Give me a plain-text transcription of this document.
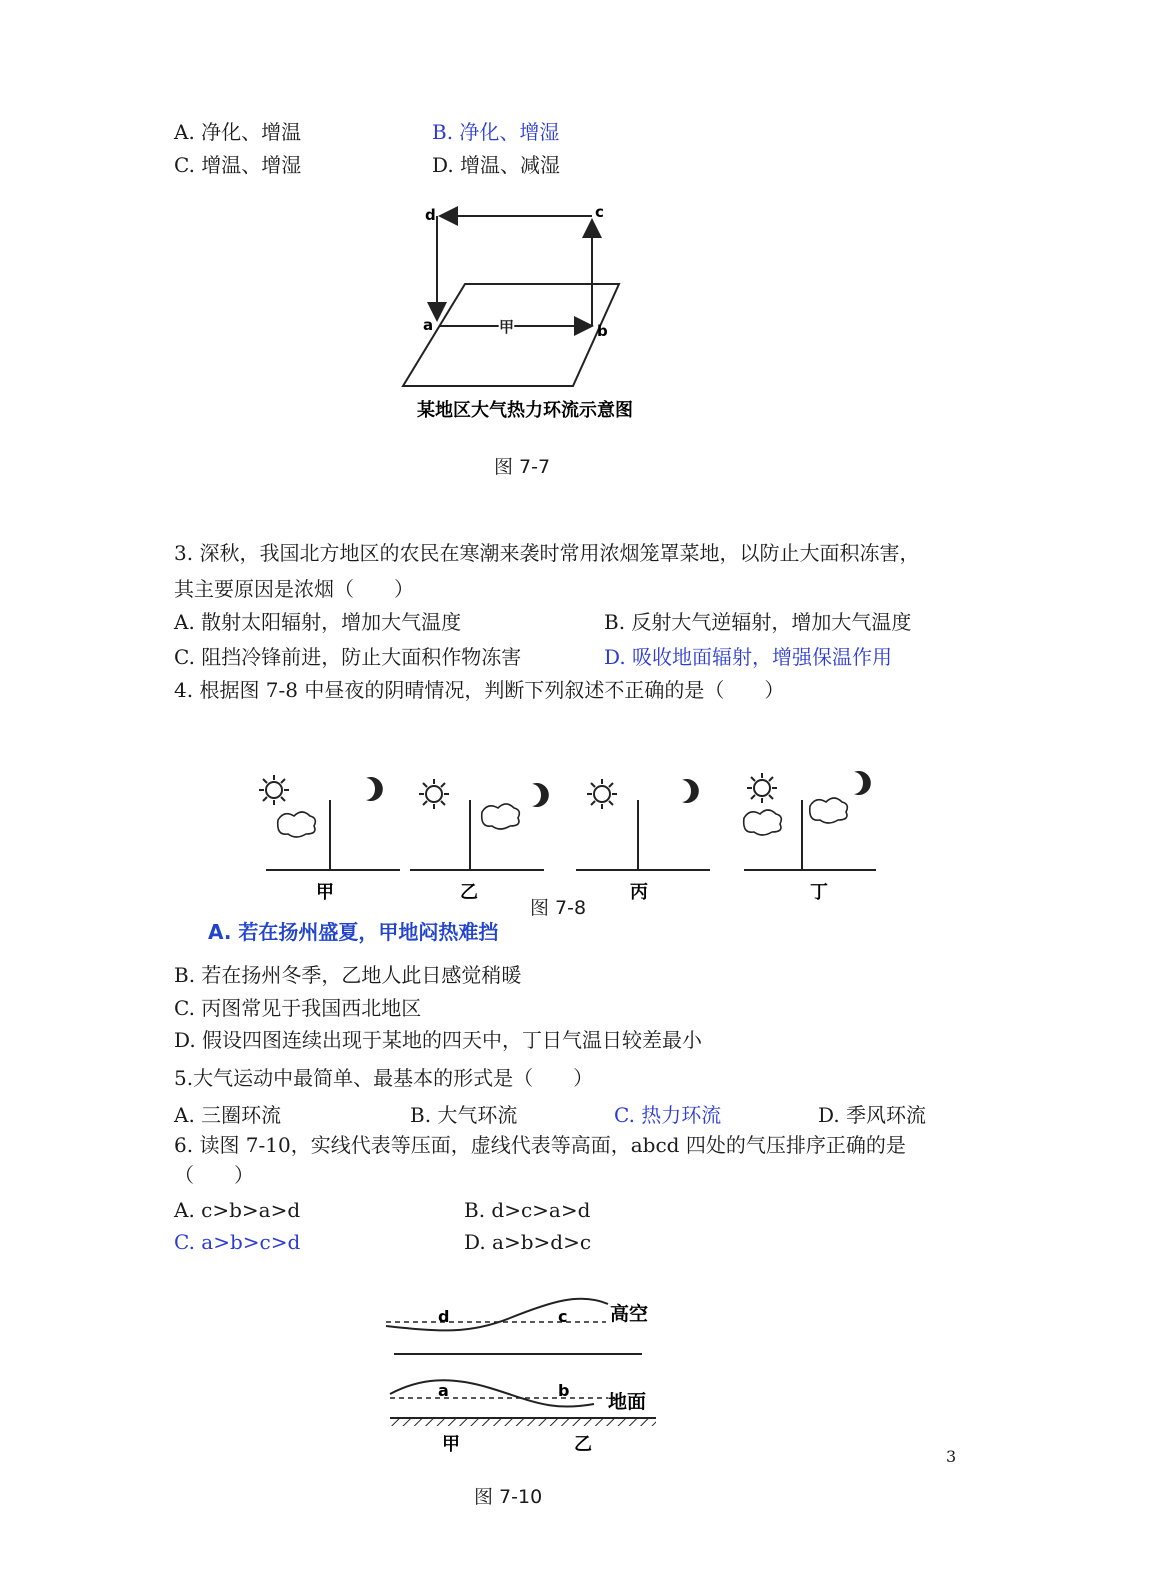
A. 净化、增温	B. 净化、增湿
C. 增温、增湿	D. 增温、减湿
d	c
a	b
甲
某地区大气热力环流示意图
图 7-7
3. 深秋，我国北方地区的农民在寒潮来袭时常用浓烟笼罩菜地，以防止大面积冻害，
其主要原因是浓烟（　　）
A. 散射太阳辐射，增加大气温度	B. 反射大气逆辐射，增加大气温度
C. 阻挡冷锋前进，防止大面积作物冻害	D. 吸收地面辐射，增强保温作用
4. 根据图 7-8 中昼夜的阴晴情况，判断下列叙述不正确的是（　　）
甲	乙	丁
丙
图 7-8
A. 若在扬州盛夏，甲地闷热难挡
B. 若在扬州冬季，乙地人此日感觉稍暖
C. 丙图常见于我国西北地区
D. 假设四图连续出现于某地的四天中，丁日气温日较差最小
5.大气运动中最简单、最基本的形式是（　　）
A. 三圈环流	B. 大气环流	C. 热力环流	D. 季风环流
6. 读图 7-10，实线代表等压面，虚线代表等高面，abcd 四处的气压排序正确的是
（　　）
A. c>b>a>d	B. d>c>a>d
C. a>b>c>d	D. a>b>d>c
d	c 高空
a	b
地面
甲	乙
图 7-10
3
